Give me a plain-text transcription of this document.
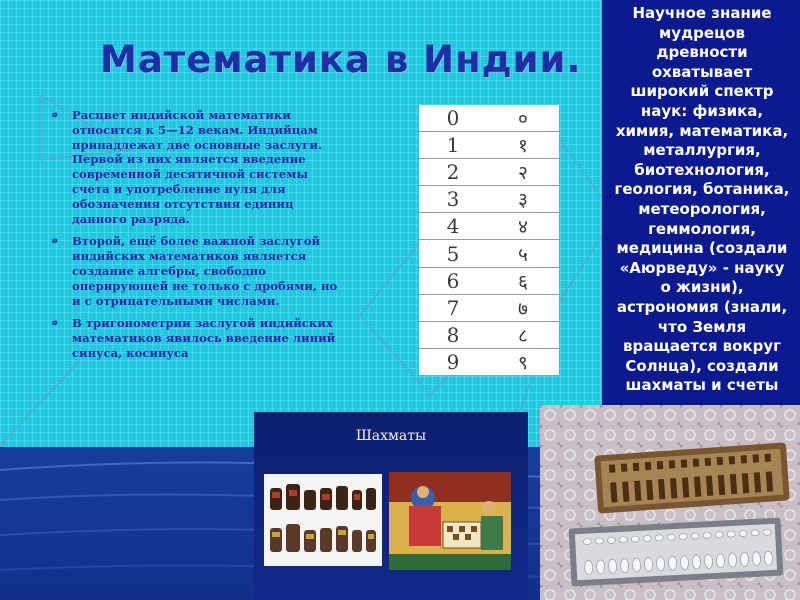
Математика в Индии.
ø Расцвет индийской математики относится к 5—12 векам. Индийцам принадлежат две основные заслуги. Первой из них является введение современной десятичной системы счета и употребление нуля для обозначения отсутствия единиц данного разряда.
ø Второй, ещё более важной заслугой индийских математиков является создание алгебры, свободно оперирующей не только с дробями, но и с отрицательными числами.
ø В тригонометрии заслугой индийских математиков явилось введение линий синуса, косинуса
0	०
1	१
2	२
3	३
4	४
5	५
6	६
7	७
8	८
9	९
Научное знание мудрецов древности охватывает широкий спектр наук: физика, химия, математика, металлургия, биотехнология, геология, ботаника, метеорология, геммология, медицина (создали «Аюрведу» - науку о жизни), астрономия (знали, что Земля вращается вокруг Солнца), создали шахматы и счеты
Шахматы
